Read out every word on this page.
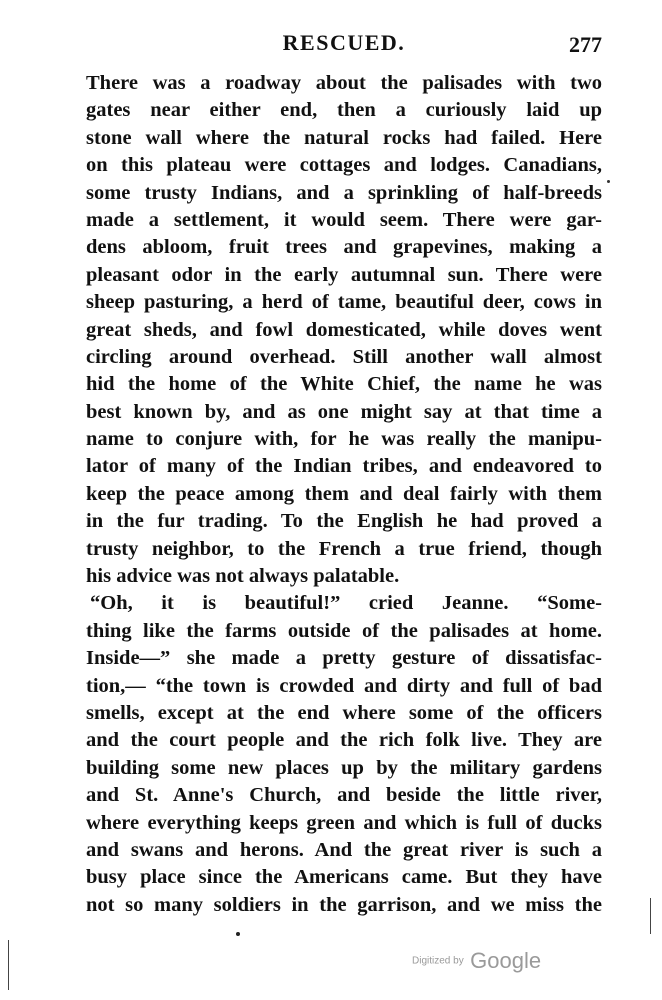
RESCUED.	277
There was a roadway about the palisades with two
gates near either end, then a curiously laid up
stone wall where the natural rocks had failed. Here
on this plateau were cottages and lodges. Canadians,
some trusty Indians, and a sprinkling of half-breeds
made a settlement, it would seem. There were gar-
dens abloom, fruit trees and grapevines, making a
pleasant odor in the early autumnal sun. There were
sheep pasturing, a herd of tame, beautiful deer, cows in
great sheds, and fowl domesticated, while doves went
circling around overhead. Still another wall almost
hid the home of the White Chief, the name he was
best known by, and as one might say at that time a
name to conjure with, for he was really the manipu-
lator of many of the Indian tribes, and endeavored to
keep the peace among them and deal fairly with them
in the fur trading. To the English he had proved a
trusty neighbor, to the French a true friend, though
his advice was not always palatable.
“Oh, it is beautiful!” cried Jeanne. “Some-
thing like the farms outside of the palisades at home.
Inside—” she made a pretty gesture of dissatisfac-
tion,— “the town is crowded and dirty and full of bad
smells, except at the end where some of the officers
and the court people and the rich folk live. They are
building some new places up by the military gardens
and St. Anne's Church, and beside the little river,
where everything keeps green and which is full of ducks
and swans and herons. And the great river is such a
busy place since the Americans came. But they have
not so many soldiers in the garrison, and we miss the
Digitized by Google
